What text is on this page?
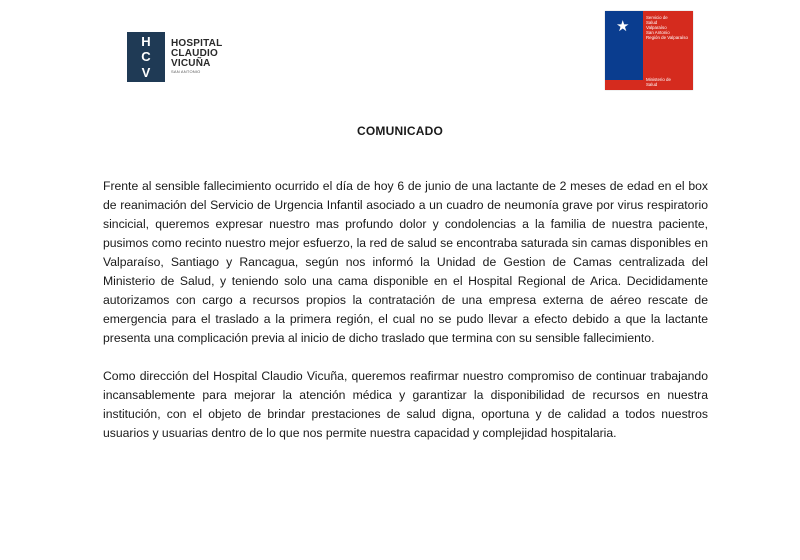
H
C
V
HOSPITAL
CLAUDIO
VICUÑA
SAN ANTONIO
★
Servicio de
Salud
Valparaíso
San Antonio
Región de Valparaíso
Ministerio de
Salud
COMUNICADO

Frente al sensible fallecimiento ocurrido el día de hoy 6 de junio de una lactante de 2 meses de edad en el box de reanimación del Servicio de Urgencia Infantil asociado a un cuadro de neumonía grave por virus respiratorio sincicial, queremos expresar nuestro mas profundo dolor y condolencias a la familia de nuestra paciente, pusimos como recinto nuestro mejor esfuerzo, la red de salud se encontraba saturada sin camas disponibles en Valparaíso, Santiago y Rancagua, según nos informó la Unidad de Gestion de Camas centralizada del Ministerio de Salud, y teniendo solo una cama disponible en el Hospital Regional de Arica. Decididamente autorizamos con cargo a recursos propios la contratación de una empresa externa de aéreo rescate de emergencia para el traslado a la primera región, el cual no se pudo llevar a efecto debido a que la lactante presenta una complicación previa al inicio de dicho traslado que termina con su sensible fallecimiento.

Como dirección del Hospital Claudio Vicuña, queremos reafirmar nuestro compromiso de continuar trabajando incansablemente para mejorar la atención médica y garantizar la disponibilidad de recursos en nuestra institución, con el objeto de brindar prestaciones de salud digna, oportuna y de calidad a todos nuestros usuarios y usuarias dentro de lo que nos permite nuestra capacidad y complejidad hospitalaria.
